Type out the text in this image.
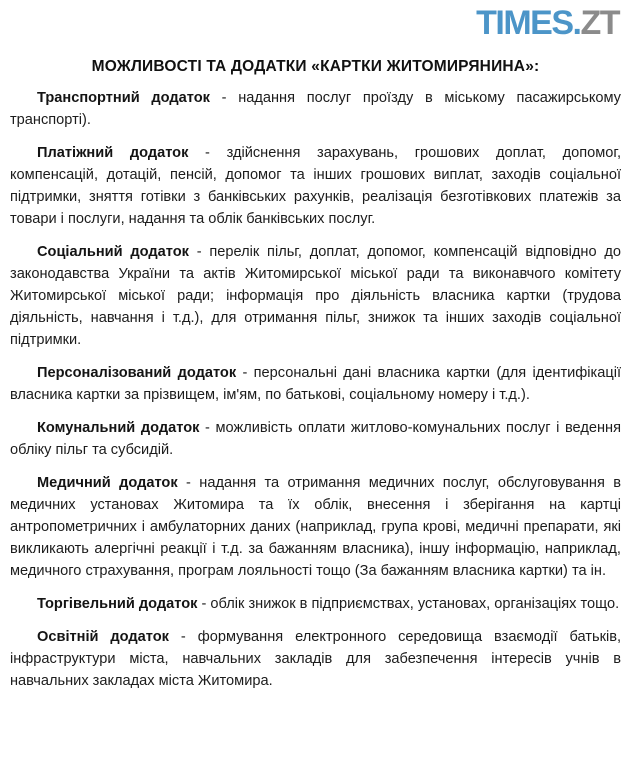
TIMES.ZT
МОЖЛИВОСТІ ТА ДОДАТКИ «КАРТКИ ЖИТОМИРЯНИНА»:

Транспортний додаток - надання послуг проїзду в міському пасажирському транспорті).

Платіжний додаток - здійснення зарахувань, грошових доплат, допомог, компенсацій, дотацій, пенсій, допомог та інших грошових виплат, заходів соціальної підтримки, зняття готівки з банківських рахунків, реалізація безготівкових платежів за товари і послуги, надання та облік банківських послуг.

Соціальний додаток - перелік пільг, доплат, допомог, компенсацій відповідно до законодавства України та актів Житомирської міської ради та виконавчого комітету Житомирської міської ради; інформація про діяльність власника картки (трудова діяльність, навчання і т.д.), для отримання пільг, знижок та інших заходів соціальної підтримки.

Персоналізований додаток - персональні дані власника картки (для ідентифікації власника картки за прізвищем, ім'ям, по батькові, соціальному номеру і т.д.).

Комунальний додаток - можливість оплати житлово-комунальних послуг і ведення обліку пільг та субсидій.

Медичний додаток - надання та отримання медичних послуг, обслуговування в медичних установах Житомира та їх облік, внесення і зберігання на картці антропометричних і амбулаторних даних (наприклад, група крові, медичні препарати, які викликають алергічні реакції і т.д. за бажанням власника), іншу інформацію, наприклад, медичного страхування, програм лояльності тощо (За бажанням власника картки) та ін.

Торгівельний додаток - облік знижок в підприємствах, установах, організаціях тощо.

Освітній додаток - формування електронного середовища взаємодії батьків, інфраструктури міста, навчальних закладів для забезпечення інтересів учнів в навчальних закладах міста Житомира.
